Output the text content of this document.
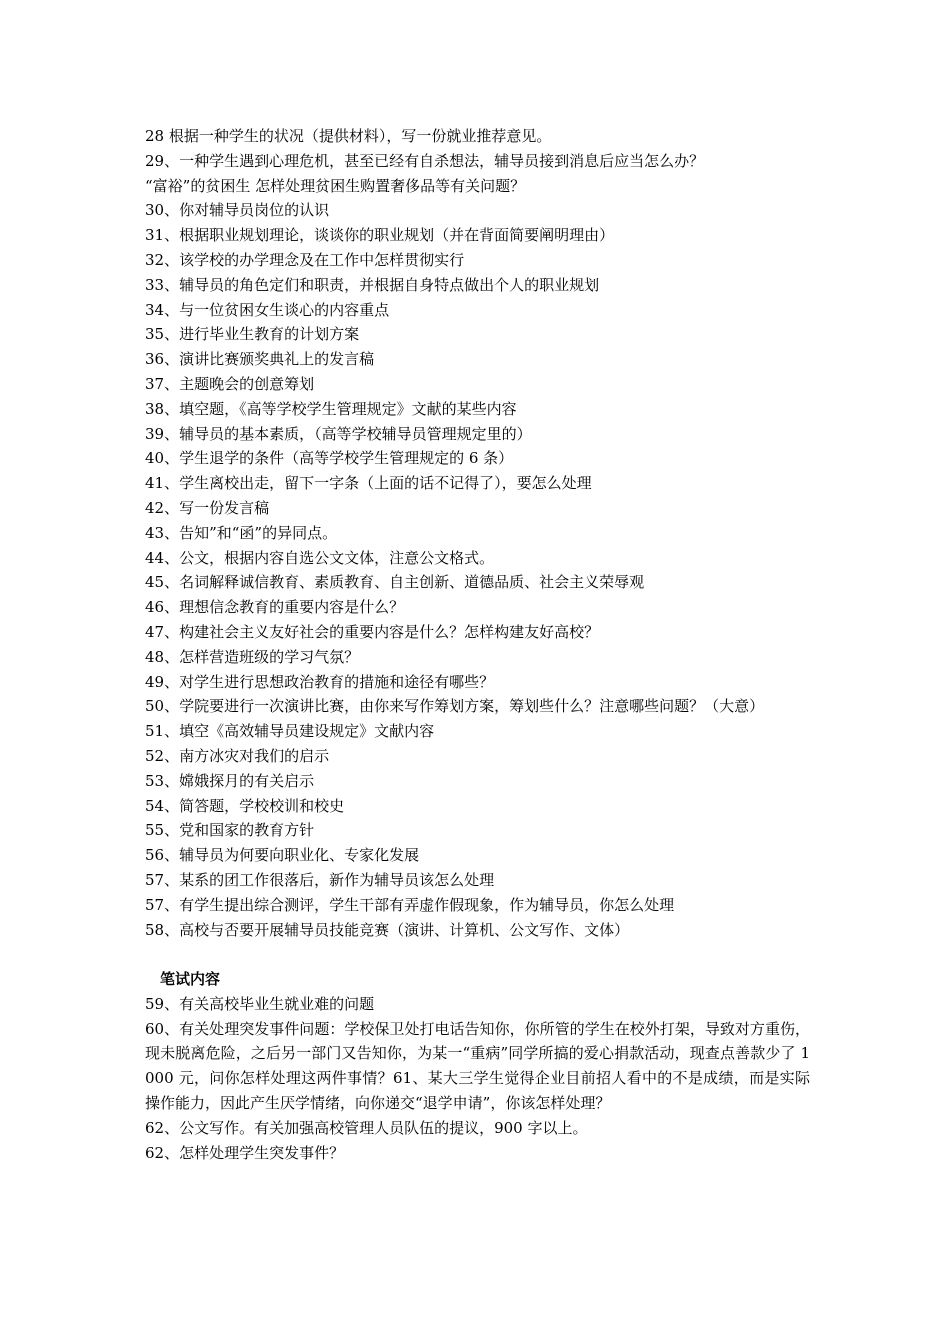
28 根据一种学生的状况（提供材料），写一份就业推荐意见。
29、一种学生遇到心理危机，甚至已经有自杀想法，辅导员接到消息后应当怎么办？
“富裕”的贫困生 怎样处理贫困生购置奢侈品等有关问题？
30、你对辅导员岗位的认识
31、根据职业规划理论，谈谈你的职业规划（并在背面简要阐明理由）
32、该学校的办学理念及在工作中怎样贯彻实行
33、辅导员的角色定们和职责，并根据自身特点做出个人的职业规划
34、与一位贫困女生谈心的内容重点
35、进行毕业生教育的计划方案
36、演讲比赛颁奖典礼上的发言稿
37、主题晚会的创意筹划
38、填空题，《高等学校学生管理规定》文献的某些内容
39、辅导员的基本素质，（高等学校辅导员管理规定里的）
40、学生退学的条件（高等学校学生管理规定的 6 条）
41、学生离校出走，留下一字条（上面的话不记得了），要怎么处理
42、写一份发言稿
43、告知”和“函”的异同点。
44、公文，根据内容自选公文文体，注意公文格式。
45、名词解释诚信教育、素质教育、自主创新、道德品质、社会主义荣辱观
46、理想信念教育的重要内容是什么？
47、构建社会主义友好社会的重要内容是什么？怎样构建友好高校？
48、怎样营造班级的学习气氛？
49、对学生进行思想政治教育的措施和途径有哪些？
50、学院要进行一次演讲比赛，由你来写作筹划方案，筹划些什么？注意哪些问题？（大意）
51、填空《高效辅导员建设规定》文献内容
52、南方冰灾对我们的启示
53、嫦娥探月的有关启示
54、简答题，学校校训和校史
55、党和国家的教育方针
56、辅导员为何要向职业化、专家化发展
57、某系的团工作很落后，新作为辅导员该怎么处理
57、有学生提出综合测评，学生干部有弄虚作假现象，作为辅导员，你怎么处理
58、高校与否要开展辅导员技能竞赛（演讲、计算机、公文写作、文体）
笔试内容
59、有关高校毕业生就业难的问题
60、有关处理突发事件问题：学校保卫处打电话告知你，你所管的学生在校外打架，导致对方重伤，现未脱离危险，之后另一部门又告知你，为某一“重病”同学所搞的爱心捐款活动，现查点善款少了 1000 元，问你怎样处理这两件事情？61、某大三学生觉得企业目前招人看中的不是成绩，而是实际操作能力，因此产生厌学情绪，向你递交“退学申请”，你该怎样处理？
62、公文写作。有关加强高校管理人员队伍的提议，900 字以上。
62、怎样处理学生突发事件？
